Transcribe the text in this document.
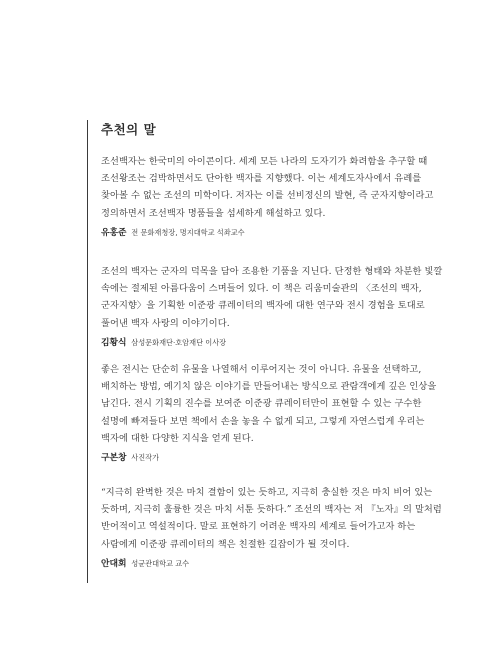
추천의 말

조선백자는 한국미의 아이콘이다. 세계 모든 나라의 도자기가 화려함을 추구할 때 조선왕조는 검박하면서도 단아한 백자를 지향했다. 이는 세계도자사에서 유례를 찾아볼 수 없는 조선의 미학이다. 저자는 이를 선비정신의 발현, 즉 군자지향이라고 정의하면서 조선백자 명품들을 섬세하게 해설하고 있다.

유홍준 전 문화재청장, 명지대학교 석좌교수

조선의 백자는 군자의 덕목을 담아 조용한 기품을 지닌다. 단정한 형태와 차분한 빛깔 속에는 절제된 아름다움이 스며들어 있다. 이 책은 리움미술관의 〈조선의 백자, 군자지향〉을 기획한 이준광 큐레이터의 백자에 대한 연구와 전시 경험을 토대로 풀어낸 백자 사랑의 이야기이다.

김황식 삼성문화재단·호암재단 이사장

좋은 전시는 단순히 유물을 나열해서 이루어지는 것이 아니다. 유물을 선택하고, 배치하는 방법, 예기치 않은 이야기를 만들어내는 방식으로 관람객에게 깊은 인상을 남긴다. 전시 기획의 진수를 보여준 이준광 큐레이터만이 표현할 수 있는 구수한 설명에 빠져들다 보면 책에서 손을 놓을 수 없게 되고, 그렇게 자연스럽게 우리는 백자에 대한 다양한 지식을 얻게 된다.

구본창 사진작가

“지극히 완벽한 것은 마치 결함이 있는 듯하고, 지극히 충실한 것은 마치 비어 있는 듯하며, 지극히 훌륭한 것은 마치 서툰 듯하다.” 조선의 백자는 저 『노자』의 말처럼 반어적이고 역설적이다. 말로 표현하기 어려운 백자의 세계로 들어가고자 하는 사람에게 이준광 큐레이터의 책은 친절한 길잡이가 될 것이다.

안대회 성균관대학교 교수
